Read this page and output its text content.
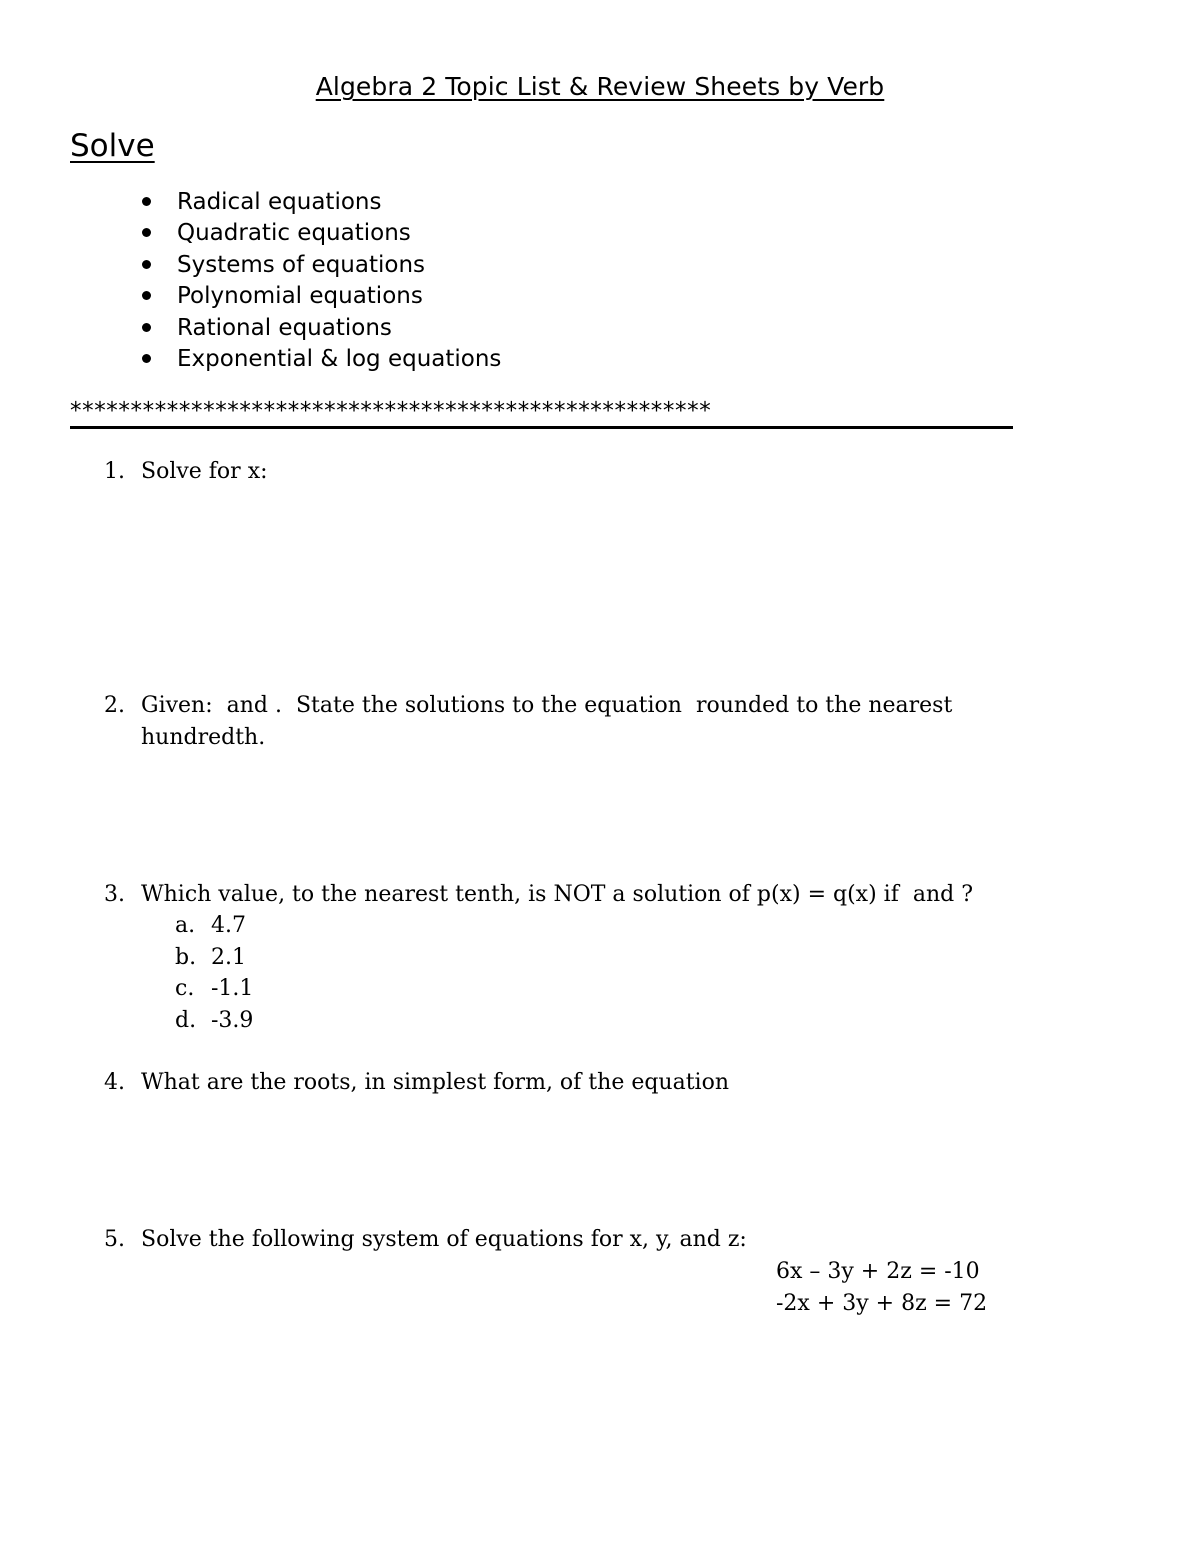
Algebra 2 Topic List & Review Sheets by Verb
Solve
Radical equations
Quadratic equations
Systems of equations
Polynomial equations
Rational equations
Exponential & log equations
*****************************************************
1. Solve for x:
2. Given:  and .  State the solutions to the equation  rounded to the nearest hundredth.
3. Which value, to the nearest tenth, is NOT a solution of p(x) = q(x) if  and ?
a. 4.7
b. 2.1
c. -1.1
d. -3.9
4. What are the roots, in simplest form, of the equation
5. Solve the following system of equations for x, y, and z:
6x – 3y + 2z = -10
-2x + 3y + 8z = 72
